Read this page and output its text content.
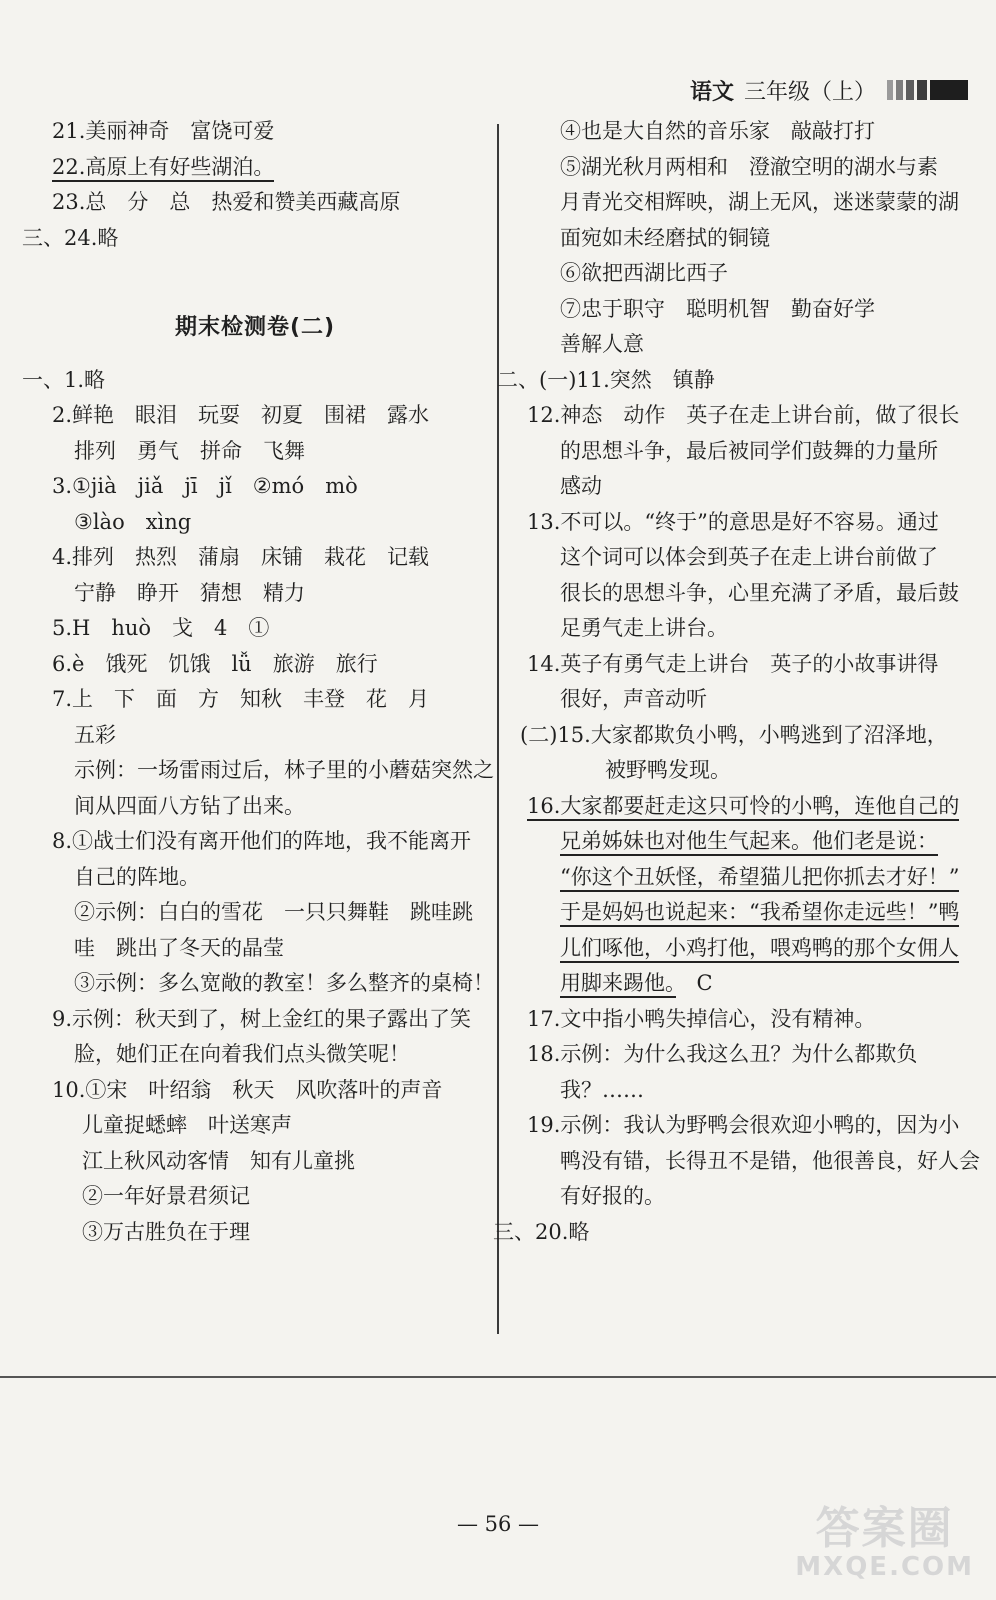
语文 三年级（上）
21.美丽神奇　富饶可爱
22.高原上有好些湖泊。
23.总　分　总　热爱和赞美西藏高原
三、24.略
期末检测卷(二)
一、1.略
2.鲜艳　眼泪　玩耍　初夏　围裙　露水
排列　勇气　拼命　飞舞
3.①jià　jiǎ　jī　jǐ　②mó　mò
③lào　xìng
4.排列　热烈　蒲扇　床铺　栽花　记载
宁静　睁开　猜想　精力
5.H　huò　戈　4　①
6.è　饿死　饥饿　lǚ　旅游　旅行
7.上　下　面　方　知秋　丰登　花　月
五彩
示例：一场雷雨过后，林子里的小蘑菇突然之
间从四面八方钻了出来。
8.①战士们没有离开他们的阵地，我不能离开
自己的阵地。
②示例：白白的雪花　一只只舞鞋　跳哇跳
哇　跳出了冬天的晶莹
③示例：多么宽敞的教室！多么整齐的桌椅！
9.示例：秋天到了，树上金红的果子露出了笑
脸，她们正在向着我们点头微笑呢！
10.①宋　叶绍翁　秋天　风吹落叶的声音
儿童捉蟋蟀　叶送寒声
江上秋风动客情　知有儿童挑
②一年好景君须记
③万古胜负在于理
④也是大自然的音乐家　敲敲打打
⑤湖光秋月两相和　澄澈空明的湖水与素
月青光交相辉映，湖上无风，迷迷蒙蒙的湖
面宛如未经磨拭的铜镜
⑥欲把西湖比西子
⑦忠于职守　聪明机智　勤奋好学
善解人意
二、(一)11.突然　镇静
12.神态　动作　英子在走上讲台前，做了很长
的思想斗争，最后被同学们鼓舞的力量所
感动
13.不可以。“终于”的意思是好不容易。通过
这个词可以体会到英子在走上讲台前做了
很长的思想斗争，心里充满了矛盾，最后鼓
足勇气走上讲台。
14.英子有勇气走上讲台　英子的小故事讲得
很好，声音动听
(二)15.大家都欺负小鸭，小鸭逃到了沼泽地，
被野鸭发现。
16.大家都要赶走这只可怜的小鸭，连他自己的
兄弟姊妹也对他生气起来。他们老是说：
“你这个丑妖怪，希望猫儿把你抓去才好！”
于是妈妈也说起来：“我希望你走远些！”鸭
儿们啄他，小鸡打他，喂鸡鸭的那个女佣人
用脚来踢他。　 C
17.文中指小鸭失掉信心，没有精神。
18.示例：为什么我这么丑？为什么都欺负
我？……
19.示例：我认为野鸭会很欢迎小鸭的，因为小
鸭没有错，长得丑不是错，他很善良，好人会
有好报的。
三、20.略
— 56 —	答案圈
MXQE.COM
